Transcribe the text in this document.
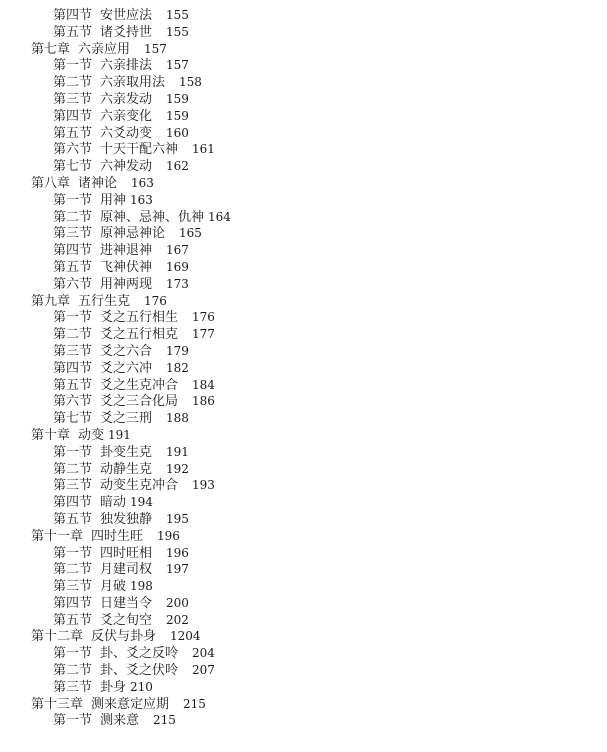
第四节 安世应法 155
第五节 诸爻持世 155
第七章 六亲应用 157
第一节 六亲排法 157
第二节 六亲取用法 158
第三节 六亲发动 159
第四节 六亲变化 159
第五节 六爻动变 160
第六节 十天干配六神 161
第七节 六神发动 162
第八章 诸神论 163
第一节 用神 163
第二节 原神、忌神、仇神 164
第三节 原神忌神论 165
第四节 进神退神 167
第五节 飞神伏神 169
第六节 用神两现 173
第九章 五行生克 176
第一节 爻之五行相生 176
第二节 爻之五行相克 177
第三节 爻之六合 179
第四节 爻之六冲 182
第五节 爻之生克冲合 184
第六节 爻之三合化局 186
第七节 爻之三刑 188
第十章 动变 191
第一节 卦变生克 191
第二节 动静生克 192
第三节 动变生克冲合 193
第四节 暗动 194
第五节 独发独静 195
第十一章 四时生旺 196
第一节 四时旺相 196
第二节 月建司权 197
第三节 月破 198
第四节 日建当令 200
第五节 爻之旬空 202
第十二章 反伏与卦身 1204
第一节 卦、爻之反呤 204
第二节 卦、爻之伏呤 207
第三节 卦身 210
第十三章 测来意定应期 215
第一节 测来意 215
